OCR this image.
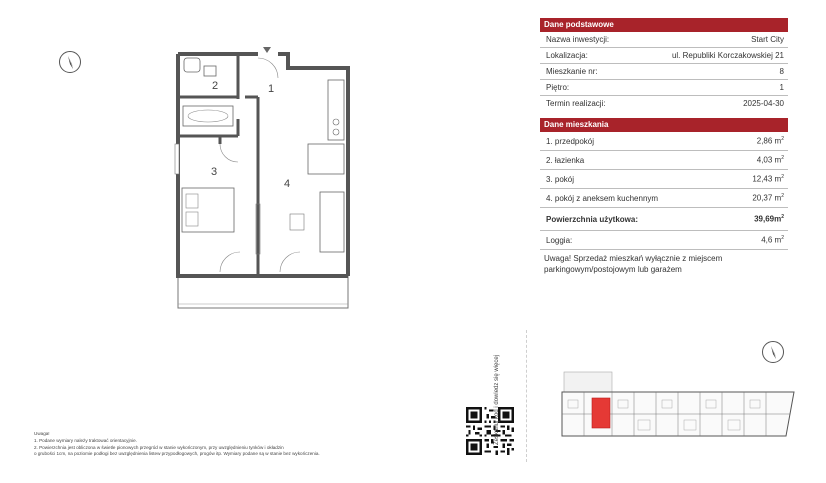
1
2
3
4
Dane podstawowe
Nazwa inwestycji:	Start City
Lokalizacja:	ul. Republiki Korczakowskiej 21
Mieszkanie nr:	8
Piętro:	1
Termin realizacji:	2025-04-30
Dane mieszkania
1. przedpokój	2,86 $m^2$
2. łazienka	4,03 $m^2$
3. pokój	12,43 $m^2$
4. pokój z aneksem kuchennym	20,37 $m^2$
Powierzchnia użytkowa:	$39,69m^2$
Loggia:	4,6 $m^2$
Uwaga! Sprzedaż mieszkań wyłącznie z miejscem parkingowym/postojowym lub garażem
Uwaga!
1. Podane wymiary należy traktować orientacyjnie.
2. Powierzchnia jest obliczona w świetle pionowych przegród w stanie wykończonym, przy uwzględnieniu tynków i okładzin
o grubości 1cm, na poziomie podłogi bez uwzględnienia listew przypodłogowych, progów itp. Wymiary podane są w stanie bez wykończenia.
Zeskanuj kod i dowiedz się więcej
